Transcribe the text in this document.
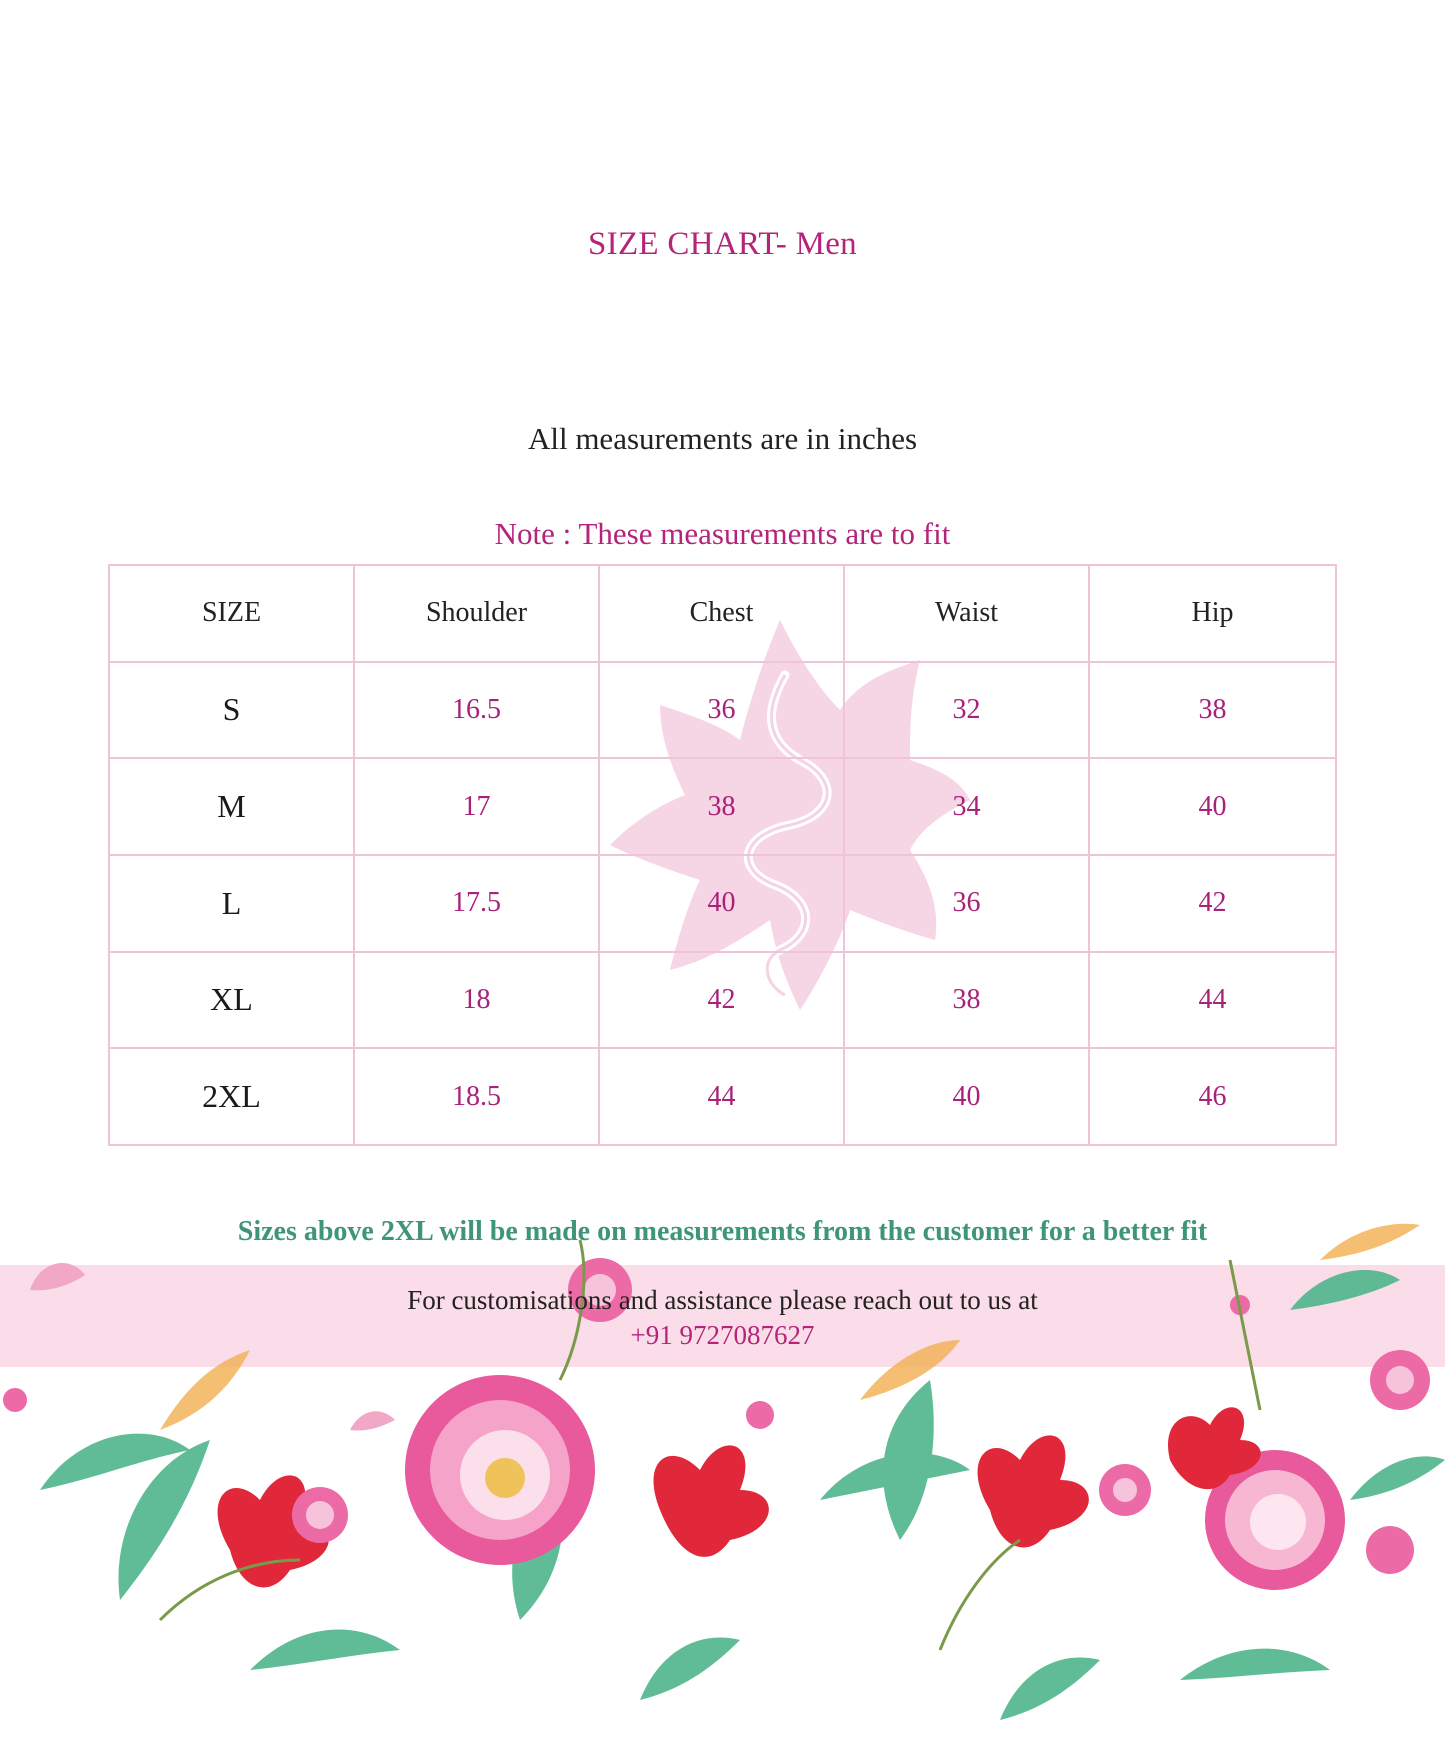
SIZE CHART- Men
All measurements are in inches
Note : These measurements are to fit
SIZE	Shoulder	Chest	Waist	Hip
S	16.5	36	32	38
M	17	38	34	40
L	17.5	40	36	42
XL	18	42	38	44
2XL	18.5	44	40	46
Sizes above 2XL will be made on measurements from the customer for a better fit
For customisations and assistance please reach out to us at
+91 9727087627
